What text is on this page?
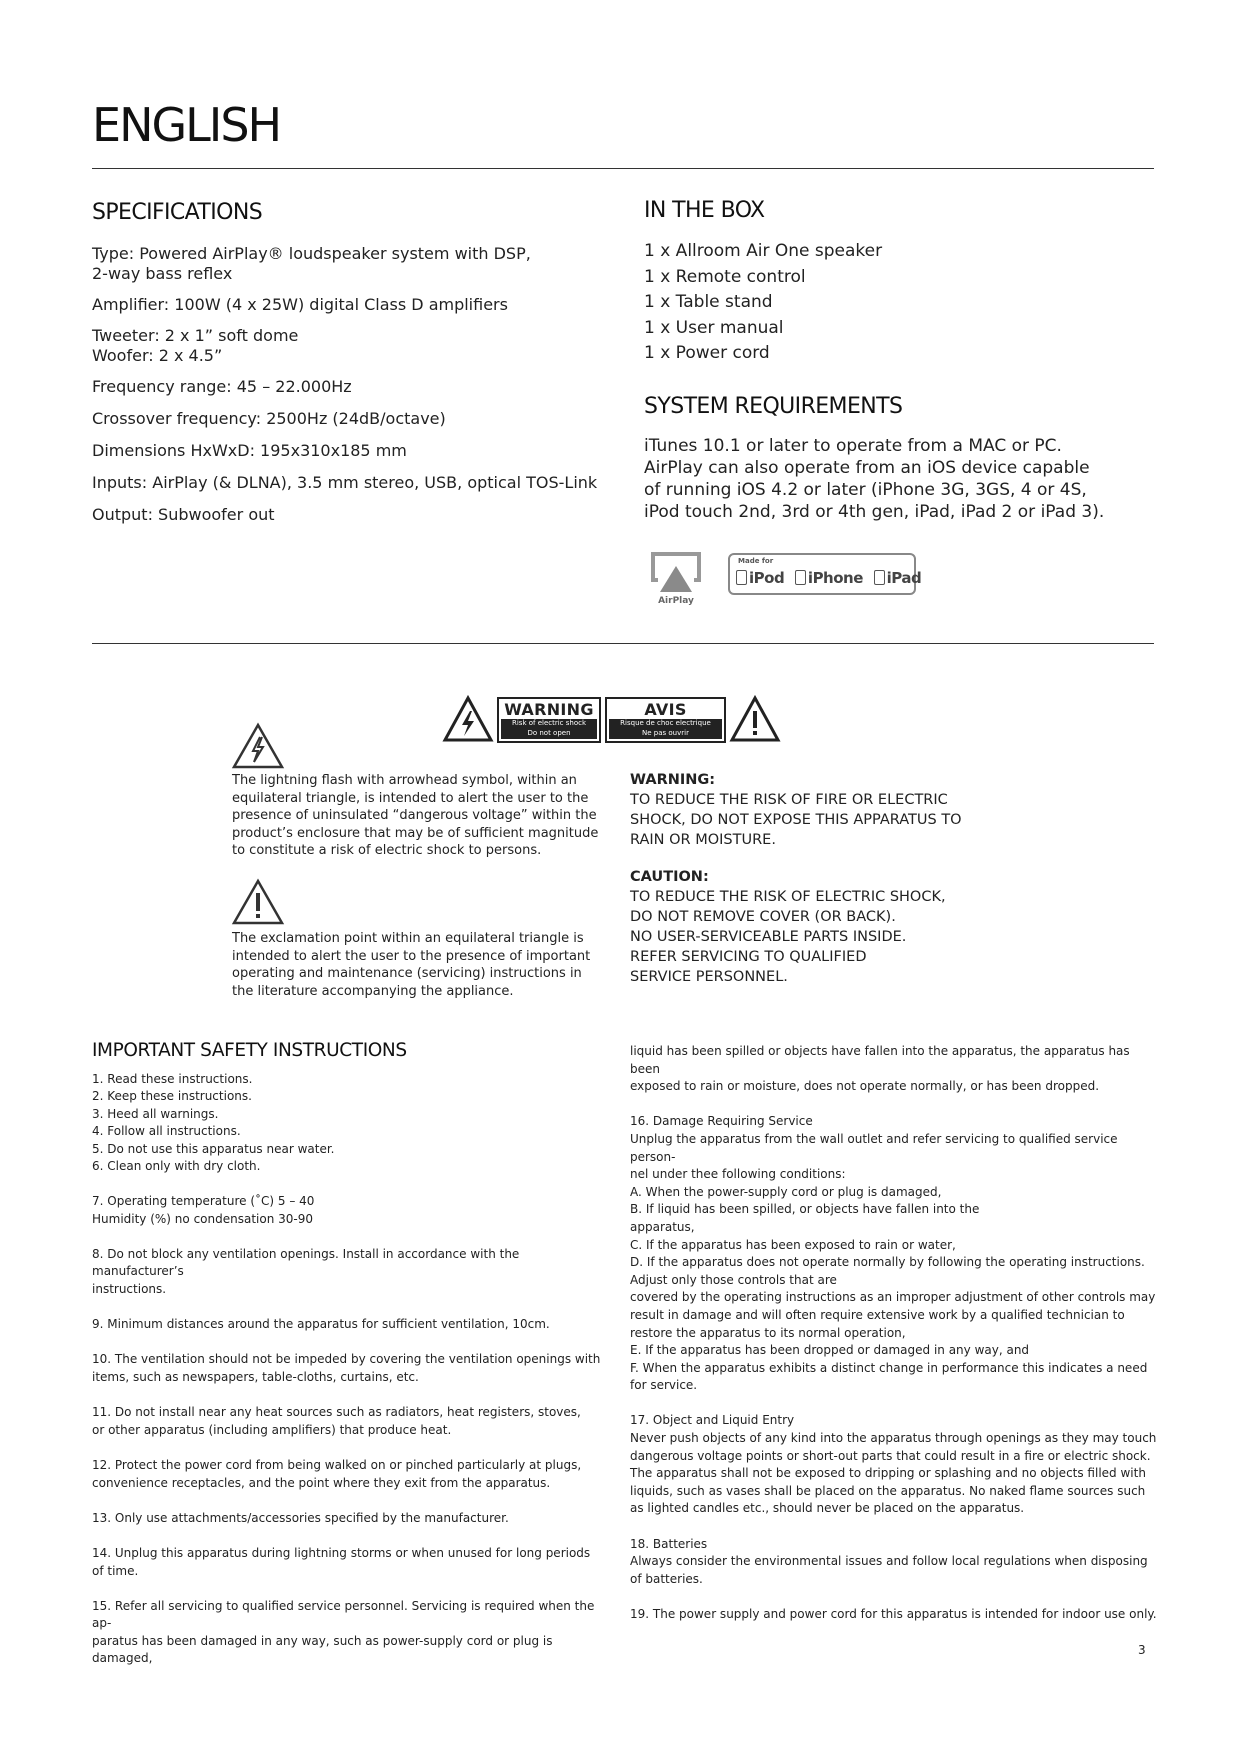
ENGLISH
SPECIFICATIONS

Type: Powered AirPlay® loudspeaker system with DSP,
2-way bass reflex

Amplifier: 100W (4 x 25W) digital Class D amplifiers

Tweeter: 2 x 1” soft dome
Woofer: 2 x 4.5”

Frequency range: 45 – 22.000Hz

Crossover frequency: 2500Hz (24dB/octave)

Dimensions HxWxD: 195x310x185 mm

Inputs: AirPlay (& DLNA), 3.5 mm stereo, USB, optical TOS-Link

Output: Subwoofer out

IN THE BOX

1 x Allroom Air One speaker

1 x Remote control

1 x Table stand

1 x User manual

1 x Power cord

SYSTEM REQUIREMENTS

iTunes 10.1 or later to operate from a MAC or PC.
AirPlay can also operate from an iOS device capable
of running iOS 4.2 or later (iPhone 3G, 3GS, 4 or 4S,
iPod touch 2nd, 3rd or 4th gen, iPad, iPad 2 or iPad 3).

AirPlay
Made for
iPod iPhone iPad
WARNING
Risk of electric shock
Do not open
AVIS
Risque de choc electrique
Ne pas ouvrir

The lightning flash with arrowhead symbol, within an
equilateral triangle, is intended to alert the user to the
presence of uninsulated “dangerous voltage” within the
product’s enclosure that may be of sufficient magnitude
to constitute a risk of electric shock to persons.

The exclamation point within an equilateral triangle is
intended to alert the user to the presence of important
operating and maintenance (servicing) instructions in
the literature accompanying the appliance.

WARNING:

TO REDUCE THE RISK OF FIRE OR ELECTRIC
SHOCK, DO NOT EXPOSE THIS APPARATUS TO
RAIN OR MOISTURE.

CAUTION:

TO REDUCE THE RISK OF ELECTRIC SHOCK,
DO NOT REMOVE COVER (OR BACK).
NO USER-SERVICEABLE PARTS INSIDE.
REFER SERVICING TO QUALIFIED
SERVICE PERSONNEL.

IMPORTANT SAFETY INSTRUCTIONS
1. Read these instructions.
2. Keep these instructions.
3. Heed all warnings.
4. Follow all instructions.
5. Do not use this apparatus near water.
6. Clean only with dry cloth.

7. Operating temperature (˚C) 5 – 40
Humidity (%) no condensation 30-90

8. Do not block any ventilation openings. Install in accordance with the manufacturer’s
instructions.

9. Minimum distances around the apparatus for sufficient ventilation, 10cm.

10. The ventilation should not be impeded by covering the ventilation openings with
items, such as newspapers, table-cloths, curtains, etc.

11. Do not install near any heat sources such as radiators, heat registers, stoves,
or other apparatus (including amplifiers) that produce heat.

12. Protect the power cord from being walked on or pinched particularly at plugs,
convenience receptacles, and the point where they exit from the apparatus.

13. Only use attachments/accessories specified by the manufacturer.

14. Unplug this apparatus during lightning storms or when unused for long periods
of time.

15. Refer all servicing to qualified service personnel. Servicing is required when the ap-
paratus has been damaged in any way, such as power-supply cord or plug is damaged,

liquid has been spilled or objects have fallen into the apparatus, the apparatus has been
exposed to rain or moisture, does not operate normally, or has been dropped.

16. Damage Requiring Service
Unplug the apparatus from the wall outlet and refer servicing to qualified service person-
nel under thee following conditions:
A. When the power-supply cord or plug is damaged,
B. If liquid has been spilled, or objects have fallen into the
apparatus,
C. If the apparatus has been exposed to rain or water,
D. If the apparatus does not operate normally by following the operating instructions.
Adjust only those controls that are
covered by the operating instructions as an improper adjustment of other controls may
result in damage and will often require extensive work by a qualified technician to
restore the apparatus to its normal operation,
E. If the apparatus has been dropped or damaged in any way, and
F. When the apparatus exhibits a distinct change in performance this indicates a need
for service.

17. Object and Liquid Entry
Never push objects of any kind into the apparatus through openings as they may touch
dangerous voltage points or short-out parts that could result in a fire or electric shock.
The apparatus shall not be exposed to dripping or splashing and no objects filled with
liquids, such as vases shall be placed on the apparatus. No naked flame sources such
as lighted candles etc., should never be placed on the apparatus.

18. Batteries
Always consider the environmental issues and follow local regulations when disposing
of batteries.

19. The power supply and power cord for this apparatus is intended for indoor use only.

3
